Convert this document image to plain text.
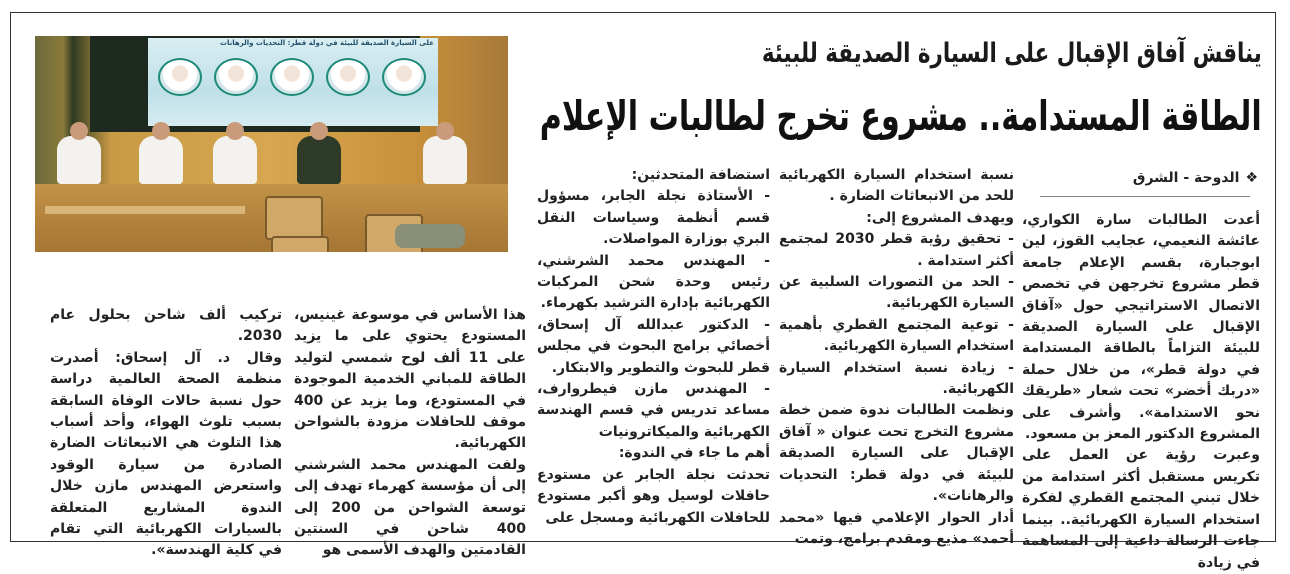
يناقش آفاق الإقبال على السيارة الصديقة للبيئة
الطاقة المستدامة.. مشروع تخرج لطالبات الإعلام
على السيارة الصديقة للبيئة في دولة قطر: التحديات والرهانات
❖الدوحة - الشرق

أعدت الطالبات سارة الكواري، عائشة النعيمي، عجايب القوز، لين ابوجبارة، بقسم الإعلام جامعة قطر مشروع تخرجهن في تخصص الاتصال الاستراتيجي حول «آفاق الإقبال على السيارة الصديقة للبيئة التزاماً بالطاقة المستدامة في دولة قطر»، من خلال حملة «دربك أخضر» تحت شعار «طريقك نحو الاستدامة». وأشرف على المشروع الدكتور المعز بن مسعود.

وعبرت رؤية عن العمل على تكريس مستقبل أكثر استدامة من خلال تبني المجتمع القطري لفكرة استخدام السيارة الكهربائية.. بينما جاءت الرسالة داعية إلى المساهمة في زيادة

نسبة استخدام السيارة الكهربائية للحد من الانبعاثات الضارة .

ويهدف المشروع إلى:

- تحقيق رؤية قطر 2030 لمجتمع أكثر استدامة .

- الحد من التصورات السلبية عن السيارة الكهربائية.

- توعية المجتمع القطري بأهمية استخدام السيارة الكهربائية.

- زيادة نسبة استخدام السيارة الكهربائية.

ونظمت الطالبات ندوة ضمن خطة مشروع التخرج تحت عنوان « آفاق الإقبال على السيارة الصديقة للبيئة في دولة قطر: التحديات والرهانات».

أدار الحوار الإعلامي فيها «محمد أحمد» مذيع ومقدم برامج، وتمت

استضافة المتحدثين:

- الأستاذة نجلة الجابر، مسؤول قسم أنظمة وسياسات النقل البري بوزارة المواصلات.

- المهندس محمد الشرشني، رئيس وحدة شحن المركبات الكهربائية بإدارة الترشيد بكهرماء.

- الدكتور عبدالله آل إسحاق، أخصائي برامج البحوث في مجلس قطر للبحوث والتطوير والابتكار.

- المهندس مازن فيطروارف، مساعد تدريس في قسم الهندسة الكهربائية والميكاترونيات

أهم ما جاء في الندوة:

تحدثت نجلة الجابر عن مستودع حافلات لوسيل وهو أكبر مستودع للحافلات الكهربائية ومسجل على

هذا الأساس في موسوعة غينيس، المستودع يحتوي على ما يزيد على 11 ألف لوح شمسي لتوليد الطاقة للمباني الخدمية الموجودة في المستودع، وما يزيد عن 400 موقف للحافلات مزودة بالشواحن الكهربائية.

ولفت المهندس محمد الشرشني إلى أن مؤسسة كهرماء تهدف إلى توسعة الشواحن من 200 إلى 400 شاحن في السنتين القادمتين والهدف الأسمى هو

تركيب ألف شاحن بحلول عام 2030.

وقال د. آل إسحاق: أصدرت منظمة الصحة العالمية دراسة حول نسبة حالات الوفاة السابقة بسبب تلوث الهواء، وأحد أسباب هذا التلوث هي الانبعاثات الضارة الصادرة من سيارة الوقود واستعرض المهندس مازن خلال الندوة المشاريع المتعلقة بالسيارات الكهربائية التي تقام في كلية الهندسة».
